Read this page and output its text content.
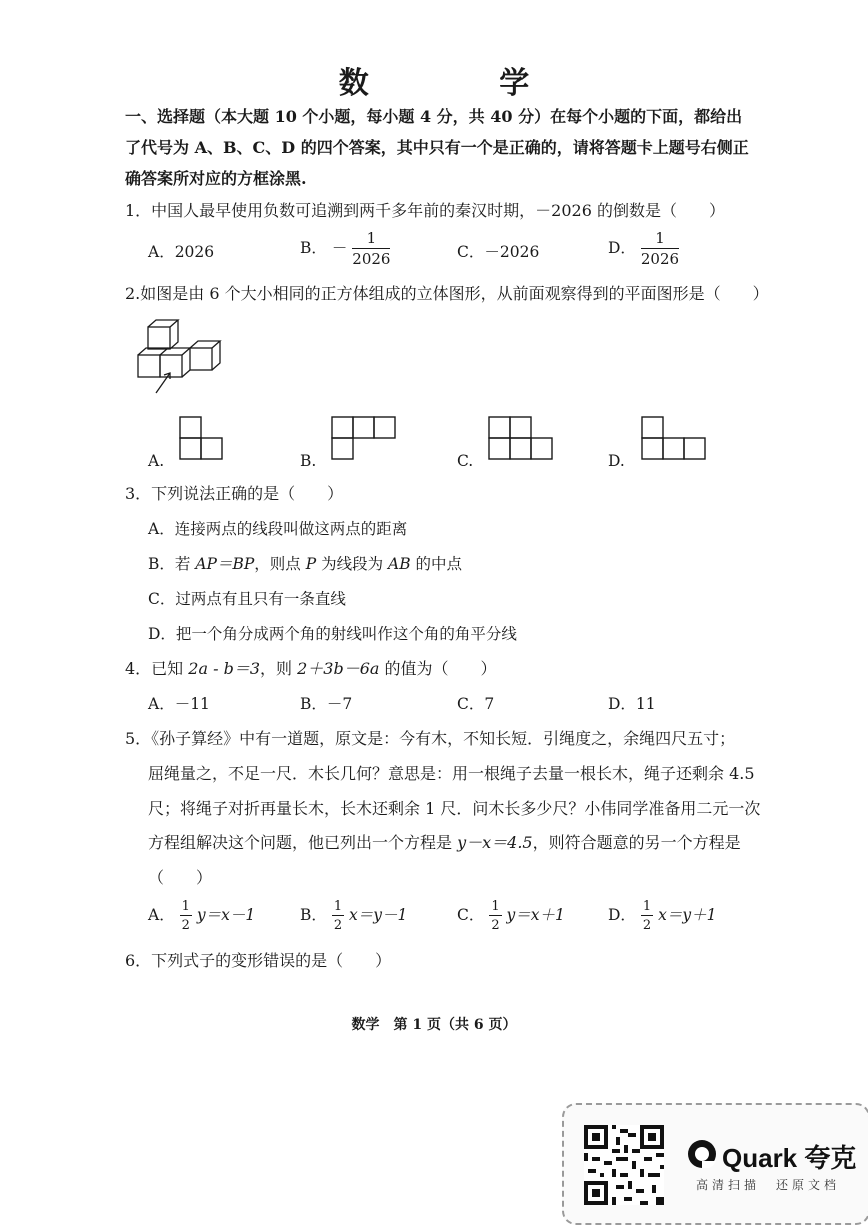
数 学
一、选择题（本大题 10 个小题，每小题 4 分，共 40 分）在每个小题的下面，都给出了代号为 A、B、C、D 的四个答案，其中只有一个是正确的，请将答题卡上题号右侧正确答案所对应的方框涂黑.
1．中国人最早使用负数可追溯到两千多年前的秦汉时期，－2026 的倒数是（　　）
A．2026	B． － $\frac{1}{2026}$	C．－2026	D． $\frac{1}{2026}$
2.如图是由 6 个大小相同的正方体组成的立体图形，从前面观察得到的平面图形是（　　）
A.	B.	C.	D.
3．下列说法正确的是（　　）
A．连接两点的线段叫做这两点的距离
B．若 AP＝BP，则点 P 为线段为 AB 的中点
C．过两点有且只有一条直线
D．把一个角分成两个角的射线叫作这个角的角平分线
4．已知 2a - b＝3，则 2＋3b－6a 的值为（　　）
A．－11	B．－7	C．7	D．11
5．《孙子算经》中有一道题，原文是：今有木，不知长短．引绳度之，余绳四尺五寸；
屈绳量之，不足一尺．木长几何？意思是：用一根绳子去量一根长木，绳子还剩余 4.5
尺；将绳子对折再量长木，长木还剩余 1 尺．问木长多少尺？小伟同学准备用二元一次
方程组解决这个问题，他已列出一个方程是 y－x＝4.5，则符合题意的另一个方程是
（　　）
A． $\frac{1}{2} y=x-1$	B． $\frac{1}{2} x=y-1$	C． $\frac{1}{2} y=x+1$	D． $\frac{1}{2} x=y+1$
6．下列式子的变形错误的是（　　）
数学　第 1 页（共 6 页）
Quark 夸克
高清扫描　还原文档
